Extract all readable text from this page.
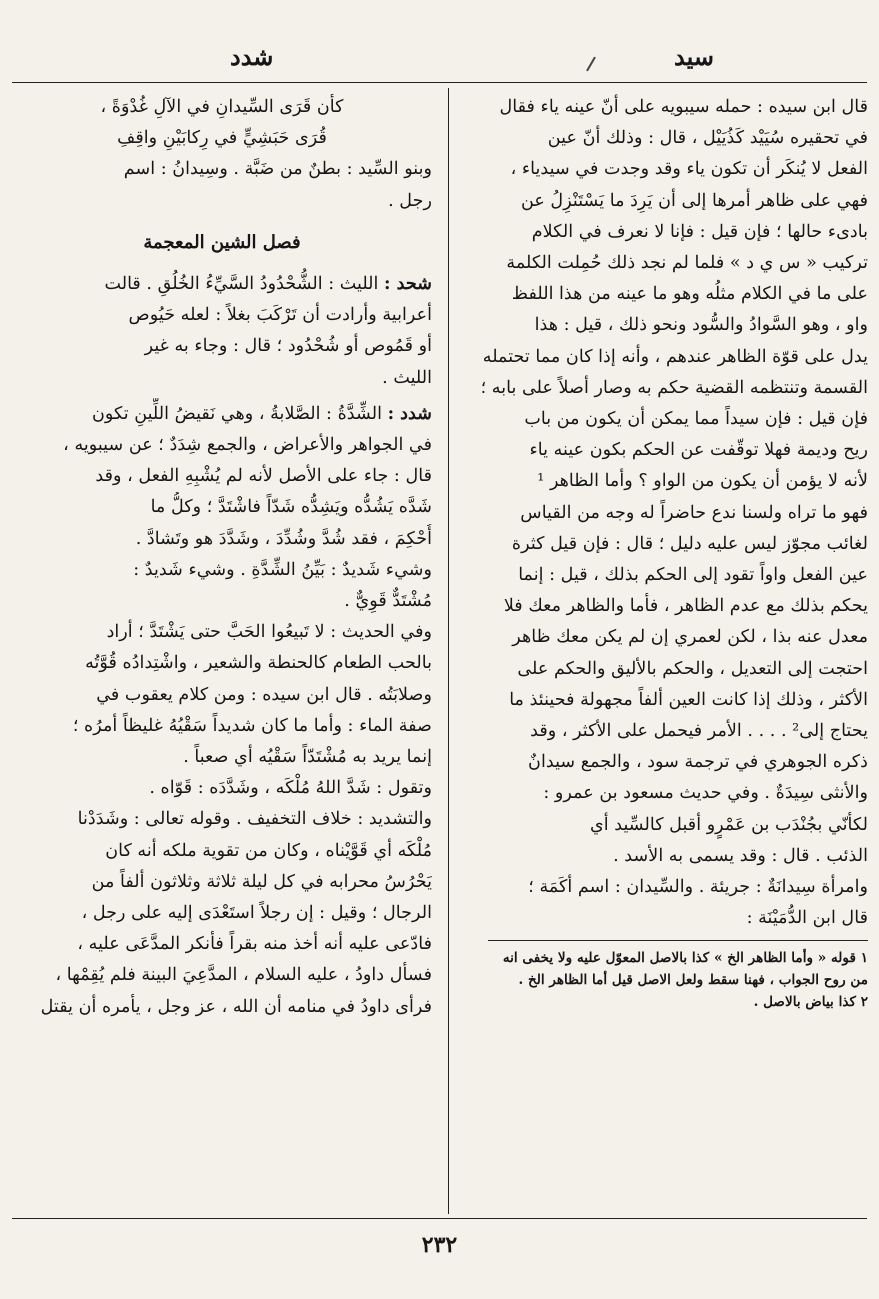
سيد
شدد

قال ابن سيده : حمله سيبويه على أنّ عينه ياء فقال
في تحقيره سُيَيْد كَذُيَيْل ، قال : وذلك أنّ عين
الفعل لا يُنكَر أن تكون ياء وقد وجدت في سيدياء ،
فهي على ظاهر أمرها إلى أن يَرِدَ ما يَسْتَنْزِلُ عن
بادىء حالها ؛ فإن قيل : فإنا لا نعرف في الكلام
تركيب « س ي د » فلما لم نجد ذلك حُمِلت الكلمة
على ما في الكلام مثلُه وهو ما عينه من هذا اللفظ
واو ، وهو السَّوادُ والسُّود ونحو ذلك ، قيل : هذا
يدل على قوّة الظاهر عندهم ، وأنه إذا كان مما تحتمله
القسمة وتنتظمه القضية حكم به وصار أصلاً على بابه ؛
فإن قيل : فإن سيداً مما يمكن أن يكون من باب
ريح وديمة فهلا توقّفت عن الحكم بكون عينه ياء
لأنه لا يؤمن أن يكون من الواو ؟ وأما الظاهر ¹
فهو ما تراه ولسنا ندع حاضراً له وجه من القياس
لغائب مجوّز ليس عليه دليل ؛ قال : فإن قيل كثرة
عين الفعل واواً تقود إلى الحكم بذلك ، قيل : إنما
يحكم بذلك مع عدم الظاهر ، فأما والظاهر معك فلا
معدل عنه بذا ، لكن لعمري إن لم يكن معك ظاهر
احتجت إلى التعديل ، والحكم بالأليق والحكم على
الأكثر ، وذلك إذا كانت العين ألفاً مجهولة فحينئذ ما
يحتاج إلى² . . . . الأمر فيحمل على الأكثر ، وقد
ذكره الجوهري في ترجمة سود ، والجمع سيدانٌ
والأنثى سِيدَةٌ . وفي حديث مسعود بن عمرو :
لكأنّي بجُنْدَب بن عَمْرٍو أقبل كالسِّيد أي
الذئب . قال : وقد يسمى به الأسد .
وامرأة سِيدانَةٌ : جريئة . والسِّيدان : اسم أكَمَة ؛
قال ابن الدُّمَيْنَة :

١ قوله « وأما الظاهر الخ » كذا بالاصل المعوّل عليه ولا يخفى انه
من روح الجواب ، فهنا سقط ولعل الاصل قيل أما الظاهر الخ .
٢ كذا بياض بالاصل .
كأن قَرَى السِّيدانِ في الآلِ غُدْوَةً ،
قُرَى حَبَشِيٍّ في رِكابَيْنِ واقِفِ
وبنو السِّيد : بطنٌ من ضَبَّة . وسِيدانُ : اسم
رجل .
فصل الشين المعجمة

شحد : الليث : الشُّحْدُودُ السَّيِّءُ الخُلُقِ . قالت
أعرابية وأرادت أن تَرْكَبَ بغلاً : لعله حَيُوص
أو قَمُوص أو شُحْدُود ؛ قال : وجاء به غير
الليث .

شدد : الشِّدَّةُ : الصَّلابةُ ، وهي نَقيضُ اللِّينِ تكون
في الجواهر والأعراض ، والجمع شِدَدٌ ؛ عن سيبويه ،
قال : جاء على الأصل لأنه لم يُشْبِهِ الفعل ، وقد
شَدَّه يَشُدُّه ويَشِدُّه شَدّاً فاشْتَدَّ ؛ وكلُّ ما
أُحْكِمَ ، فقد شُدَّ وشُدِّدَ ، وشَدَّدَ هو وتَشادَّ .
وشيء شَديدٌ : بَيِّنُ الشِّدَّةِ . وشيء شَديدٌ :
مُشْتَدٌّ قَوِيٌّ .
وفي الحديث : لا تَبيعُوا الحَبَّ حتى يَشْتَدَّ ؛ أراد
بالحب الطعام كالحنطة والشعير ، واشْتِدادُه قُوَّتُه
وصلابَتُه . قال ابن سيده : ومن كلام يعقوب في
صفة الماء : وأما ما كان شديداً سَقْيُهُ غليظاً أمرُه ؛
إنما يريد به مُشْتَدّاً سَقْيُه أي صعباً .
وتقول : شَدَّ اللهُ مُلْكَه ، وشَدَّدَه : قَوّاه .
والتشديد : خلاف التخفيف . وقوله تعالى : وشَدَدْنا
مُلْكَه أي قَوَّيْناه ، وكان من تقوية ملكه أنه كان
يَحْرُسُ محرابه في كل ليلة ثلاثة وثلاثون ألفاً من
الرجال ؛ وقيل : إن رجلاً استَعْدَى إليه على رجل ،
فادّعى عليه أنه أخذ منه بقراً فأنكر المدَّعَى عليه ،
فسأل داودُ ، عليه السلام ، المدَّعِيَ البينة فلم يُقِمْها ،
فرأى داودُ في منامه أن الله ، عز وجل ، يأمره أن يقتل

٢٣٢
